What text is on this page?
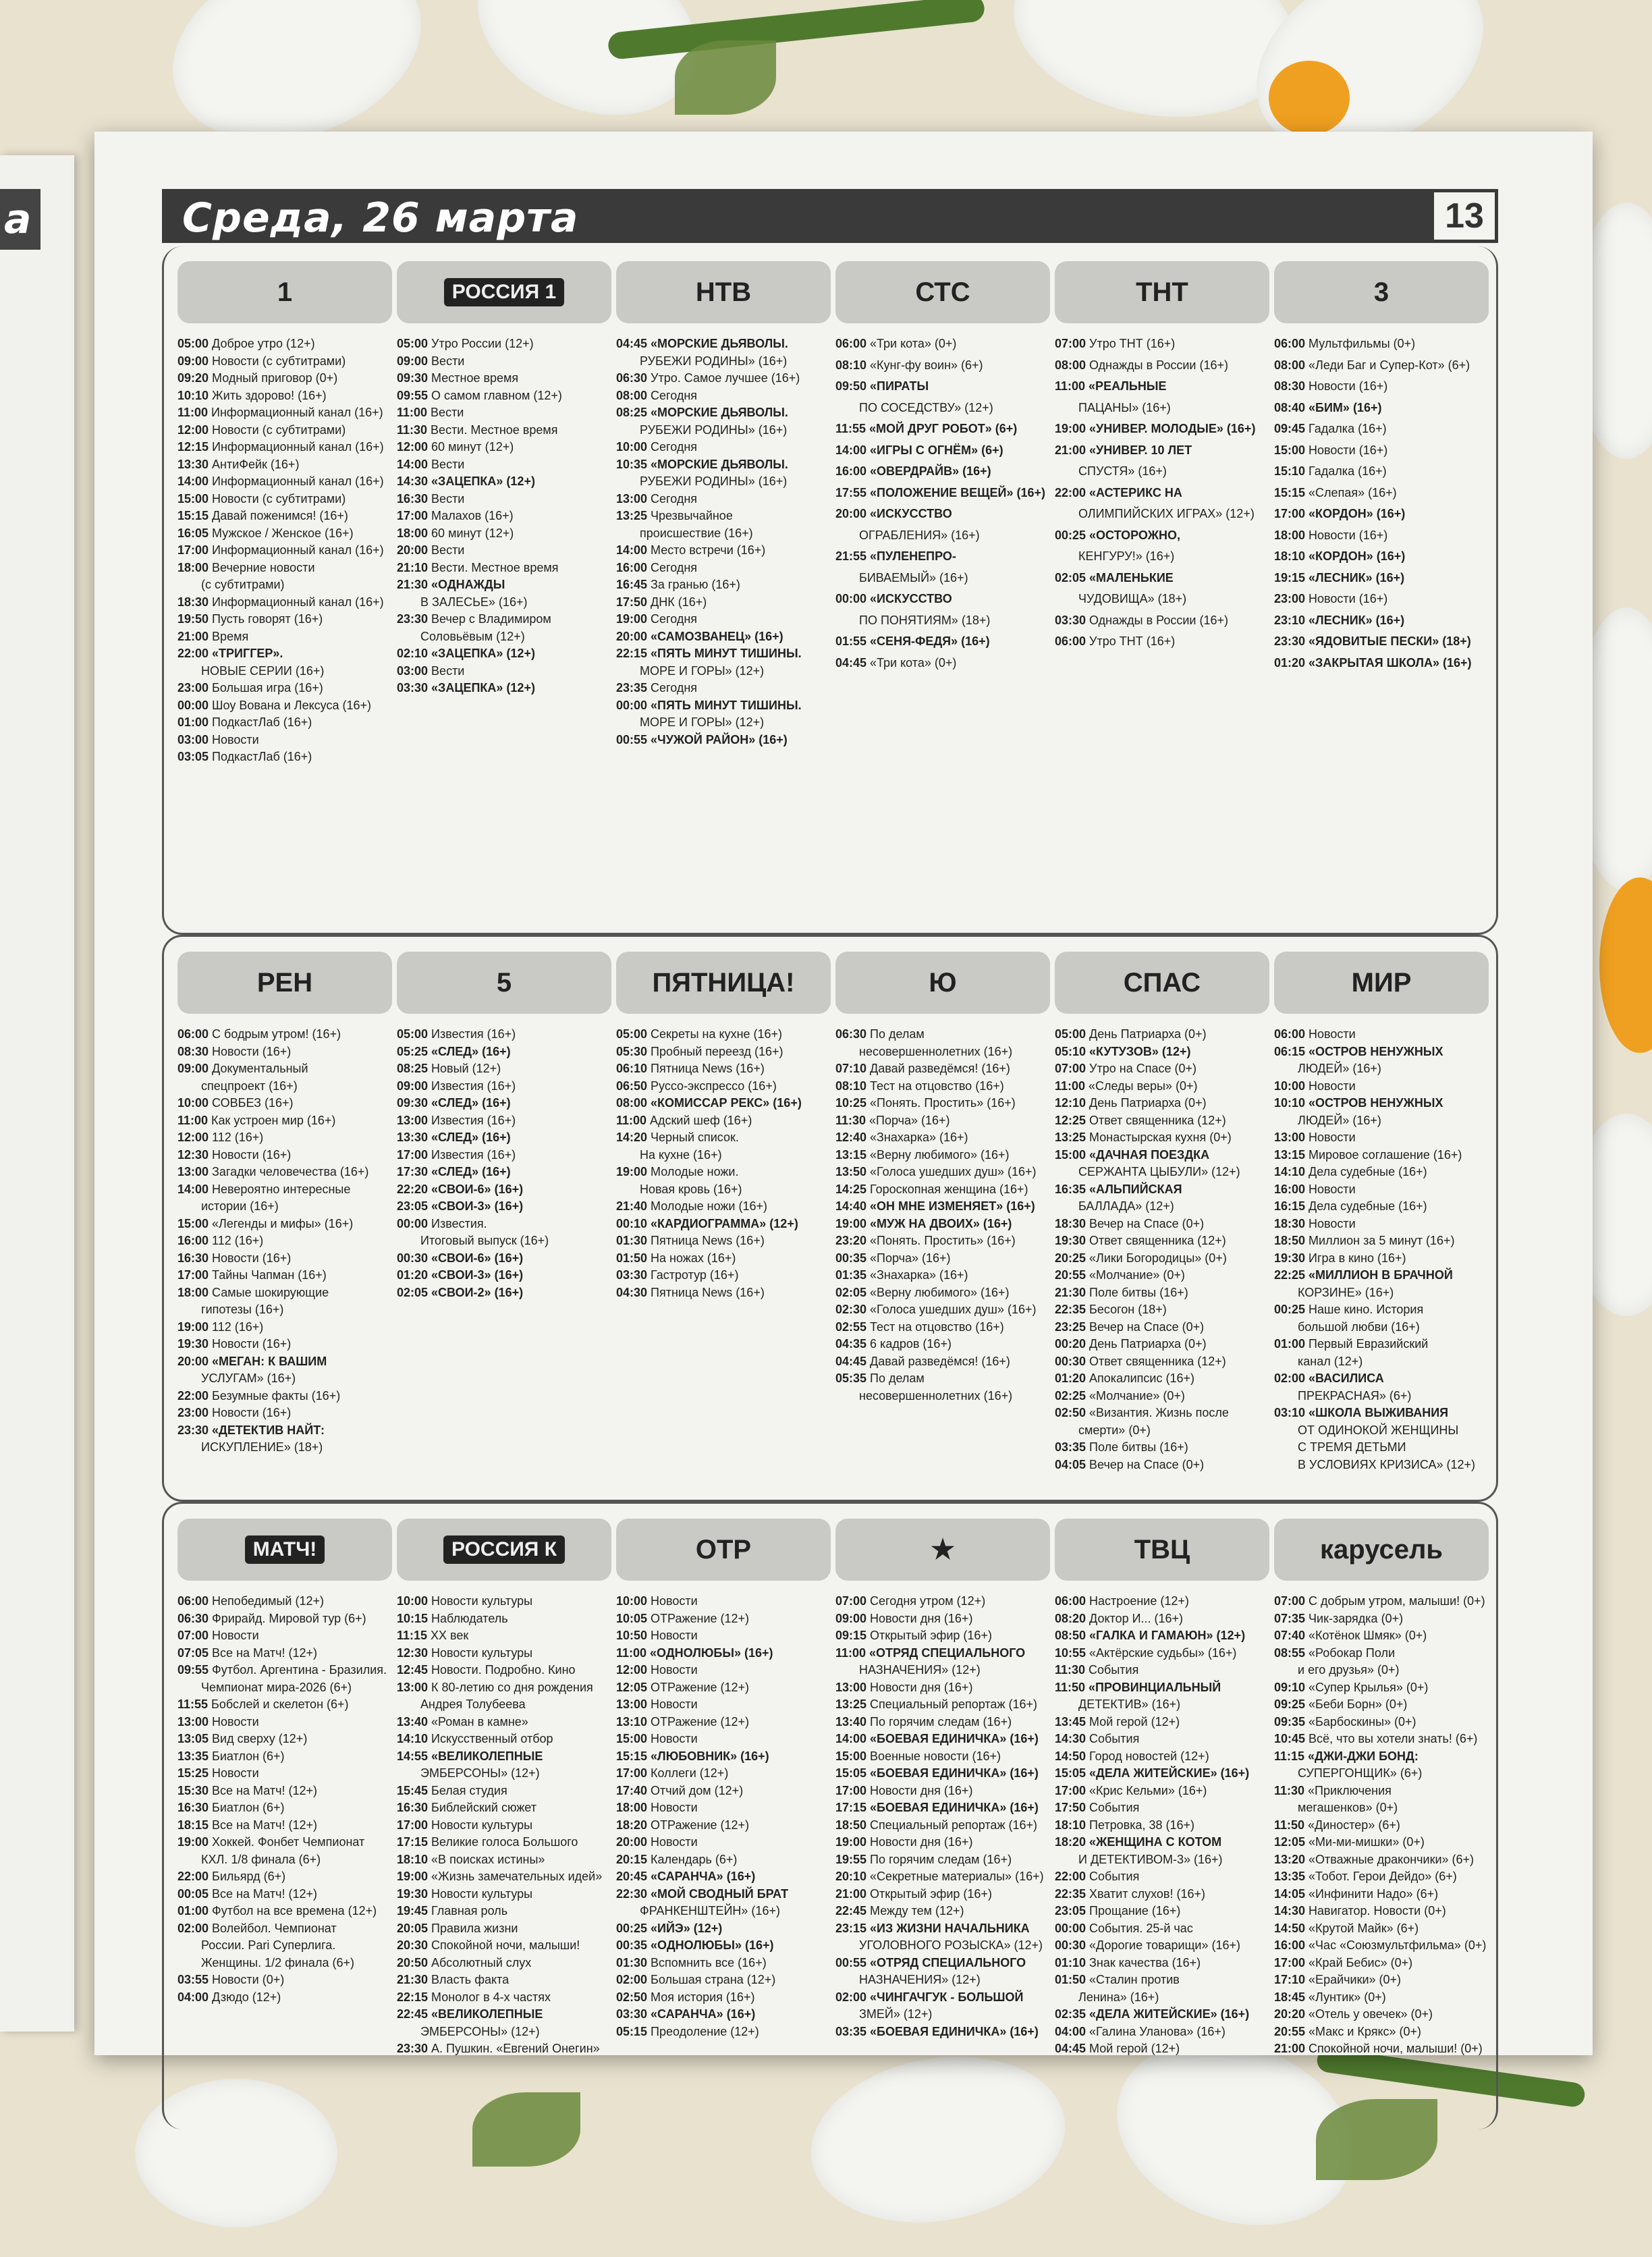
а	Среда, 26 марта	13
1
05:00 Доброе утро (12+)
09:00 Новости (с субтитрами)
09:20 Модный приговор (0+)
10:10 Жить здорово! (16+)
11:00 Информационный канал (16+)
12:00 Новости (с субтитрами)
12:15 Информационный канал (16+)
13:30 АнтиФейк (16+)
14:00 Информационный канал (16+)
15:00 Новости (с субтитрами)
15:15 Давай поженимся! (16+)
16:05 Мужское / Женское (16+)
17:00 Информационный канал (16+)
18:00 Вечерние новости
(с субтитрами)
18:30 Информационный канал (16+)
19:50 Пусть говорят (16+)
21:00 Время
22:00 «ТРИГГЕР».
НОВЫЕ СЕРИИ (16+)
23:00 Большая игра (16+)
00:00 Шоу Вована и Лексуса (16+)
01:00 ПодкастЛаб (16+)
03:00 Новости
03:05 ПодкастЛаб (16+)
РОССИЯ 1
05:00 Утро России (12+)
09:00 Вести
09:30 Местное время
09:55 О самом главном (12+)
11:00 Вести
11:30 Вести. Местное время
12:00 60 минут (12+)
14:00 Вести
14:30 «ЗАЦЕПКА» (12+)
16:30 Вести
17:00 Малахов (16+)
18:00 60 минут (12+)
20:00 Вести
21:10 Вести. Местное время
21:30 «ОДНАЖДЫ
В ЗАЛЕСЬЕ» (16+)
23:30 Вечер с Владимиром
Соловьёвым (12+)
02:10 «ЗАЦЕПКА» (12+)
03:00 Вести
03:30 «ЗАЦЕПКА» (12+)
НТВ
04:45 «МОРСКИЕ ДЬЯВОЛЫ.
РУБЕЖИ РОДИНЫ» (16+)
06:30 Утро. Самое лучшее (16+)
08:00 Сегодня
08:25 «МОРСКИЕ ДЬЯВОЛЫ.
РУБЕЖИ РОДИНЫ» (16+)
10:00 Сегодня
10:35 «МОРСКИЕ ДЬЯВОЛЫ.
РУБЕЖИ РОДИНЫ» (16+)
13:00 Сегодня
13:25 Чрезвычайное
происшествие (16+)
14:00 Место встречи (16+)
16:00 Сегодня
16:45 За гранью (16+)
17:50 ДНК (16+)
19:00 Сегодня
20:00 «САМОЗВАНЕЦ» (16+)
22:15 «ПЯТЬ МИНУТ ТИШИНЫ.
МОРЕ И ГОРЫ» (12+)
23:35 Сегодня
00:00 «ПЯТЬ МИНУТ ТИШИНЫ.
МОРЕ И ГОРЫ» (12+)
00:55 «ЧУЖОЙ РАЙОН» (16+)
СТС
06:00 «Три кота» (0+)
08:10 «Кунг-фу воин» (6+)
09:50 «ПИРАТЫ
ПО СОСЕДСТВУ» (12+)
11:55 «МОЙ ДРУГ РОБОТ» (6+)
14:00 «ИГРЫ С ОГНЁМ» (6+)
16:00 «ОВЕРДРАЙВ» (16+)
17:55 «ПОЛОЖЕНИЕ ВЕЩЕЙ» (16+)
20:00 «ИСКУССТВО
ОГРАБЛЕНИЯ» (16+)
21:55 «ПУЛЕНЕПРО-
БИВАЕМЫЙ» (16+)
00:00 «ИСКУССТВО
ПО ПОНЯТИЯМ» (18+)
01:55 «СЕНЯ-ФЕДЯ» (16+)
04:45 «Три кота» (0+)
ТНТ
07:00 Утро ТНТ (16+)
08:00 Однажды в России (16+)
11:00 «РЕАЛЬНЫЕ
ПАЦАНЫ» (16+)
19:00 «УНИВЕР. МОЛОДЫЕ» (16+)
21:00 «УНИВЕР. 10 ЛЕТ
СПУСТЯ» (16+)
22:00 «АСТЕРИКС НА
ОЛИМПИЙСКИХ ИГРАХ» (12+)
00:25 «ОСТОРОЖНО,
КЕНГУРУ!» (16+)
02:05 «МАЛЕНЬКИЕ
ЧУДОВИЩА» (18+)
03:30 Однажды в России (16+)
06:00 Утро ТНТ (16+)
3
06:00 Мультфильмы (0+)
08:00 «Леди Баг и Супер-Кот» (6+)
08:30 Новости (16+)
08:40 «БИМ» (16+)
09:45 Гадалка (16+)
15:00 Новости (16+)
15:10 Гадалка (16+)
15:15 «Слепая» (16+)
17:00 «КОРДОН» (16+)
18:00 Новости (16+)
18:10 «КОРДОН» (16+)
19:15 «ЛЕСНИК» (16+)
23:00 Новости (16+)
23:10 «ЛЕСНИК» (16+)
23:30 «ЯДОВИТЫЕ ПЕСКИ» (18+)
01:20 «ЗАКРЫТАЯ ШКОЛА» (16+)
РЕН
06:00 С бодрым утром! (16+)
08:30 Новости (16+)
09:00 Документальный
спецпроект (16+)
10:00 СОВБЕЗ (16+)
11:00 Как устроен мир (16+)
12:00 112 (16+)
12:30 Новости (16+)
13:00 Загадки человечества (16+)
14:00 Невероятно интересные
истории (16+)
15:00 «Легенды и мифы» (16+)
16:00 112 (16+)
16:30 Новости (16+)
17:00 Тайны Чапман (16+)
18:00 Самые шокирующие
гипотезы (16+)
19:00 112 (16+)
19:30 Новости (16+)
20:00 «МЕГАН: К ВАШИМ
УСЛУГАМ» (16+)
22:00 Безумные факты (16+)
23:00 Новости (16+)
23:30 «ДЕТЕКТИВ НАЙТ:
ИСКУПЛЕНИЕ» (18+)
5
05:00 Известия (16+)
05:25 «СЛЕД» (16+)
08:25 Новый (12+)
09:00 Известия (16+)
09:30 «СЛЕД» (16+)
13:00 Известия (16+)
13:30 «СЛЕД» (16+)
17:00 Известия (16+)
17:30 «СЛЕД» (16+)
22:20 «СВОИ-6» (16+)
23:05 «СВОИ-3» (16+)
00:00 Известия.
Итоговый выпуск (16+)
00:30 «СВОИ-6» (16+)
01:20 «СВОИ-3» (16+)
02:05 «СВОИ-2» (16+)
ПЯТНИЦА!
05:00 Секреты на кухне (16+)
05:30 Пробный переезд (16+)
06:10 Пятница News (16+)
06:50 Руссо-экспрессо (16+)
08:00 «КОМИССАР РЕКС» (16+)
11:00 Адский шеф (16+)
14:20 Черный список.
На кухне (16+)
19:00 Молодые ножи.
Новая кровь (16+)
21:40 Молодые ножи (16+)
00:10 «КАРДИОГРАММА» (12+)
01:30 Пятница News (16+)
01:50 На ножах (16+)
03:30 Гастротур (16+)
04:30 Пятница News (16+)
Ю
06:30 По делам
несовершеннолетних (16+)
07:10 Давай разведёмся! (16+)
08:10 Тест на отцовство (16+)
10:25 «Понять. Простить» (16+)
11:30 «Порча» (16+)
12:40 «Знахарка» (16+)
13:15 «Верну любимого» (16+)
13:50 «Голоса ушедших душ» (16+)
14:25 Гороскопная женщина (16+)
14:40 «ОН МНЕ ИЗМЕНЯЕТ» (16+)
19:00 «МУЖ НА ДВОИХ» (16+)
23:20 «Понять. Простить» (16+)
00:35 «Порча» (16+)
01:35 «Знахарка» (16+)
02:05 «Верну любимого» (16+)
02:30 «Голоса ушедших душ» (16+)
02:55 Тест на отцовство (16+)
04:35 6 кадров (16+)
04:45 Давай разведёмся! (16+)
05:35 По делам
несовершеннолетних (16+)
СПАС
05:00 День Патриарха (0+)
05:10 «КУТУЗОВ» (12+)
07:00 Утро на Спасе (0+)
11:00 «Следы веры» (0+)
12:10 День Патриарха (0+)
12:25 Ответ священника (12+)
13:25 Монастырская кухня (0+)
15:00 «ДАЧНАЯ ПОЕЗДКА
СЕРЖАНТА ЦЫБУЛИ» (12+)
16:35 «АЛЬПИЙСКАЯ
БАЛЛАДА» (12+)
18:30 Вечер на Спасе (0+)
19:30 Ответ священника (12+)
20:25 «Лики Богородицы» (0+)
20:55 «Молчание» (0+)
21:30 Поле битвы (16+)
22:35 Бесогон (18+)
23:25 Вечер на Спасе (0+)
00:20 День Патриарха (0+)
00:30 Ответ священника (12+)
01:20 Апокалипсис (16+)
02:25 «Молчание» (0+)
02:50 «Византия. Жизнь после
смерти» (0+)
03:35 Поле битвы (16+)
04:05 Вечер на Спасе (0+)
МИР
06:00 Новости
06:15 «ОСТРОВ НЕНУЖНЫХ
ЛЮДЕЙ» (16+)
10:00 Новости
10:10 «ОСТРОВ НЕНУЖНЫХ
ЛЮДЕЙ» (16+)
13:00 Новости
13:15 Мировое соглашение (16+)
14:10 Дела судебные (16+)
16:00 Новости
16:15 Дела судебные (16+)
18:30 Новости
18:50 Миллион за 5 минут (16+)
19:30 Игра в кино (16+)
22:25 «МИЛЛИОН В БРАЧНОЙ
КОРЗИНЕ» (16+)
00:25 Наше кино. История
большой любви (16+)
01:00 Первый Евразийский
канал (12+)
02:00 «ВАСИЛИСА
ПРЕКРАСНАЯ» (6+)
03:10 «ШКОЛА ВЫЖИВАНИЯ
ОТ ОДИНОКОЙ ЖЕНЩИНЫ
С ТРЕМЯ ДЕТЬМИ
В УСЛОВИЯХ КРИЗИСА» (12+)
МАТЧ!
06:00 Непобедимый (12+)
06:30 Фрирайд. Мировой тур (6+)
07:00 Новости
07:05 Все на Матч! (12+)
09:55 Футбол. Аргентина - Бразилия.
Чемпионат мира-2026 (6+)
11:55 Бобслей и скелетон (6+)
13:00 Новости
13:05 Вид сверху (12+)
13:35 Биатлон (6+)
15:25 Новости
15:30 Все на Матч! (12+)
16:30 Биатлон (6+)
18:15 Все на Матч! (12+)
19:00 Хоккей. Фонбет Чемпионат
КХЛ. 1/8 финала (6+)
22:00 Бильярд (6+)
00:05 Все на Матч! (12+)
01:00 Футбол на все времена (12+)
02:00 Волейбол. Чемпионат
России. Pari Суперлига.
Женщины. 1/2 финала (6+)
03:55 Новости (0+)
04:00 Дзюдо (12+)
РОССИЯ К
10:00 Новости культуры
10:15 Наблюдатель
11:15 XX век
12:30 Новости культуры
12:45 Новости. Подробно. Кино
13:00 К 80-летию со дня рождения
Андрея Толубеева
13:40 «Роман в камне»
14:10 Искусственный отбор
14:55 «ВЕЛИКОЛЕПНЫЕ
ЭМБЕРСОНЫ» (12+)
15:45 Белая студия
16:30 Библейский сюжет
17:00 Новости культуры
17:15 Великие голоса Большого
18:10 «В поисках истины»
19:00 «Жизнь замечательных идей»
19:30 Новости культуры
19:45 Главная роль
20:05 Правила жизни
20:30 Спокойной ночи, малыши!
20:50 Абсолютный слух
21:30 Власть факта
22:15 Монолог в 4-х частях
22:45 «ВЕЛИКОЛЕПНЫЕ
ЭМБЕРСОНЫ» (12+)
23:30 А. Пушкин. «Евгений Онегин»
ОТР
10:00 Новости
10:05 ОТРажение (12+)
10:50 Новости
11:00 «ОДНОЛЮБЫ» (16+)
12:00 Новости
12:05 ОТРажение (12+)
13:00 Новости
13:10 ОТРажение (12+)
15:00 Новости
15:15 «ЛЮБОВНИК» (16+)
17:00 Коллеги (12+)
17:40 Отчий дом (12+)
18:00 Новости
18:20 ОТРажение (12+)
20:00 Новости
20:15 Календарь (6+)
20:45 «САРАНЧА» (16+)
22:30 «МОЙ СВОДНЫЙ БРАТ
ФРАНКЕНШТЕЙН» (16+)
00:25 «ИЙЭ» (12+)
00:35 «ОДНОЛЮБЫ» (16+)
01:30 Вспомнить все (16+)
02:00 Большая страна (12+)
02:50 Моя история (16+)
03:30 «САРАНЧА» (16+)
05:15 Преодоление (12+)
★
07:00 Сегодня утром (12+)
09:00 Новости дня (16+)
09:15 Открытый эфир (16+)
11:00 «ОТРЯД СПЕЦИАЛЬНОГО
НАЗНАЧЕНИЯ» (12+)
13:00 Новости дня (16+)
13:25 Специальный репортаж (16+)
13:40 По горячим следам (16+)
14:00 «БОЕВАЯ ЕДИНИЧКА» (16+)
15:00 Военные новости (16+)
15:05 «БОЕВАЯ ЕДИНИЧКА» (16+)
17:00 Новости дня (16+)
17:15 «БОЕВАЯ ЕДИНИЧКА» (16+)
18:50 Специальный репортаж (16+)
19:00 Новости дня (16+)
19:55 По горячим следам (16+)
20:10 «Секретные материалы» (16+)
21:00 Открытый эфир (16+)
22:45 Между тем (12+)
23:15 «ИЗ ЖИЗНИ НАЧАЛЬНИКА
УГОЛОВНОГО РОЗЫСКА» (12+)
00:55 «ОТРЯД СПЕЦИАЛЬНОГО
НАЗНАЧЕНИЯ» (12+)
02:00 «ЧИНГАЧГУК - БОЛЬШОЙ
ЗМЕЙ» (12+)
03:35 «БОЕВАЯ ЕДИНИЧКА» (16+)
ТВЦ
06:00 Настроение (12+)
08:20 Доктор И... (16+)
08:50 «ГАЛКА И ГАМАЮН» (12+)
10:55 «Актёрские судьбы» (16+)
11:30 События
11:50 «ПРОВИНЦИАЛЬНЫЙ
ДЕТЕКТИВ» (16+)
13:45 Мой герой (12+)
14:30 События
14:50 Город новостей (12+)
15:05 «ДЕЛА ЖИТЕЙСКИЕ» (16+)
17:00 «Крис Кельми» (16+)
17:50 События
18:10 Петровка, 38 (16+)
18:20 «ЖЕНЩИНА С КОТОМ
И ДЕТЕКТИВОМ-3» (16+)
22:00 События
22:35 Хватит слухов! (16+)
23:05 Прощание (16+)
00:00 События. 25-й час
00:30 «Дорогие товарищи» (16+)
01:10 Знак качества (16+)
01:50 «Сталин против
Ленина» (16+)
02:35 «ДЕЛА ЖИТЕЙСКИЕ» (16+)
04:00 «Галина Уланова» (16+)
04:45 Мой герой (12+)
карусель
07:00 С добрым утром, малыши! (0+)
07:35 Чик-зарядка (0+)
07:40 «Котёнок Шмяк» (0+)
08:55 «Робокар Поли
и его друзья» (0+)
09:10 «Супер Крылья» (0+)
09:25 «Беби Борн» (0+)
09:35 «Барбоскины» (0+)
10:45 Всё, что вы хотели знать! (6+)
11:15 «ДЖИ-ДЖИ БОНД:
СУПЕРГОНЩИК» (6+)
11:30 «Приключения
мегашенков» (0+)
11:50 «Диностер» (6+)
12:05 «Ми-ми-мишки» (0+)
13:20 «Отважные дракончики» (6+)
13:35 «Тобот. Герои Дейдо» (6+)
14:05 «Инфинити Надо» (6+)
14:30 Навигатор. Новости (0+)
14:50 «Крутой Майк» (6+)
16:00 «Час «Союзмультфильма» (0+)
17:00 «Край Бебис» (0+)
17:10 «Ерайчики» (0+)
18:45 «Лунтик» (0+)
20:20 «Отель у овечек» (0+)
20:55 «Макс и Крякс» (0+)
21:00 Спокойной ночи, малыши! (0+)
